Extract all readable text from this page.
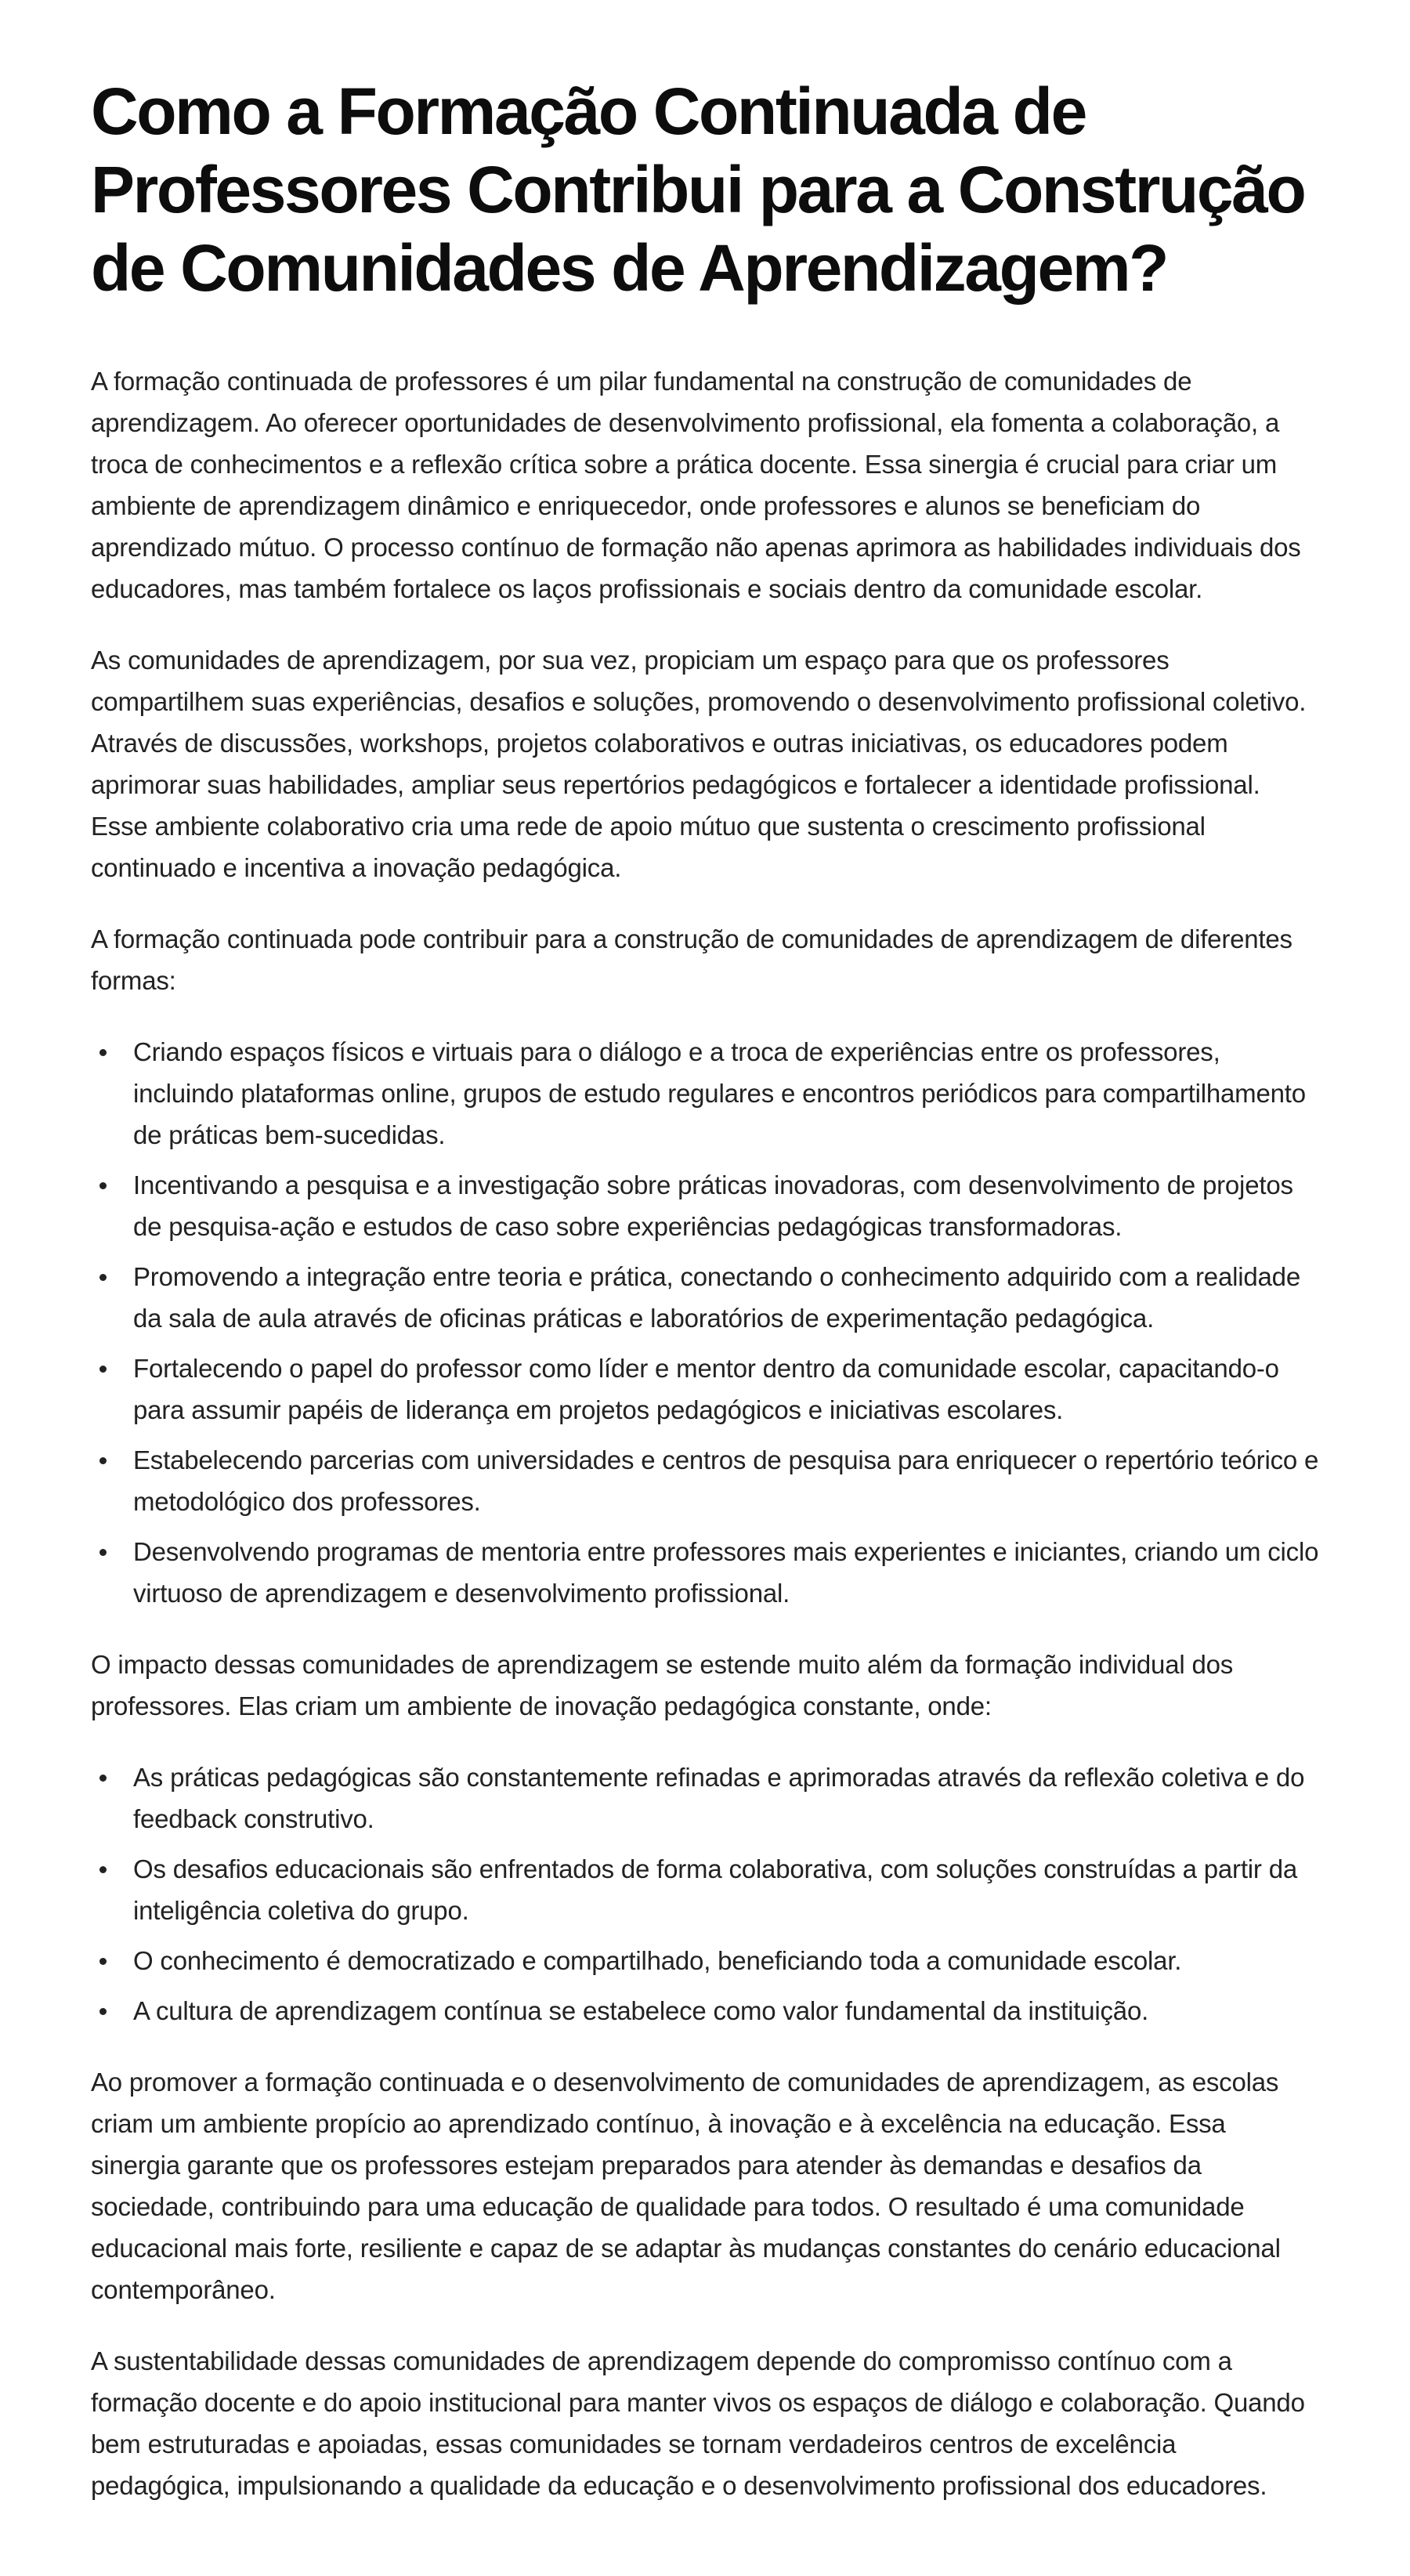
Como a Formação Continuada de Professores Contribui para a Construção de Comunidades de Aprendizagem?

A formação continuada de professores é um pilar fundamental na construção de comunidades de aprendizagem. Ao oferecer oportunidades de desenvolvimento profissional, ela fomenta a colaboração, a troca de conhecimentos e a reflexão crítica sobre a prática docente. Essa sinergia é crucial para criar um ambiente de aprendizagem dinâmico e enriquecedor, onde professores e alunos se beneficiam do aprendizado mútuo. O processo contínuo de formação não apenas aprimora as habilidades individuais dos educadores, mas também fortalece os laços profissionais e sociais dentro da comunidade escolar.

As comunidades de aprendizagem, por sua vez, propiciam um espaço para que os professores compartilhem suas experiências, desafios e soluções, promovendo o desenvolvimento profissional coletivo. Através de discussões, workshops, projetos colaborativos e outras iniciativas, os educadores podem aprimorar suas habilidades, ampliar seus repertórios pedagógicos e fortalecer a identidade profissional. Esse ambiente colaborativo cria uma rede de apoio mútuo que sustenta o crescimento profissional continuado e incentiva a inovação pedagógica.

A formação continuada pode contribuir para a construção de comunidades de aprendizagem de diferentes formas:

Criando espaços físicos e virtuais para o diálogo e a troca de experiências entre os professores, incluindo plataformas online, grupos de estudo regulares e encontros periódicos para compartilhamento de práticas bem-sucedidas.
Incentivando a pesquisa e a investigação sobre práticas inovadoras, com desenvolvimento de projetos de pesquisa-ação e estudos de caso sobre experiências pedagógicas transformadoras.
Promovendo a integração entre teoria e prática, conectando o conhecimento adquirido com a realidade da sala de aula através de oficinas práticas e laboratórios de experimentação pedagógica.
Fortalecendo o papel do professor como líder e mentor dentro da comunidade escolar, capacitando-o para assumir papéis de liderança em projetos pedagógicos e iniciativas escolares.
Estabelecendo parcerias com universidades e centros de pesquisa para enriquecer o repertório teórico e metodológico dos professores.
Desenvolvendo programas de mentoria entre professores mais experientes e iniciantes, criando um ciclo virtuoso de aprendizagem e desenvolvimento profissional.

O impacto dessas comunidades de aprendizagem se estende muito além da formação individual dos professores. Elas criam um ambiente de inovação pedagógica constante, onde:

As práticas pedagógicas são constantemente refinadas e aprimoradas através da reflexão coletiva e do feedback construtivo.
Os desafios educacionais são enfrentados de forma colaborativa, com soluções construídas a partir da inteligência coletiva do grupo.
O conhecimento é democratizado e compartilhado, beneficiando toda a comunidade escolar.
A cultura de aprendizagem contínua se estabelece como valor fundamental da instituição.

Ao promover a formação continuada e o desenvolvimento de comunidades de aprendizagem, as escolas criam um ambiente propício ao aprendizado contínuo, à inovação e à excelência na educação. Essa sinergia garante que os professores estejam preparados para atender às demandas e desafios da sociedade, contribuindo para uma educação de qualidade para todos. O resultado é uma comunidade educacional mais forte, resiliente e capaz de se adaptar às mudanças constantes do cenário educacional contemporâneo.

A sustentabilidade dessas comunidades de aprendizagem depende do compromisso contínuo com a formação docente e do apoio institucional para manter vivos os espaços de diálogo e colaboração. Quando bem estruturadas e apoiadas, essas comunidades se tornam verdadeiros centros de excelência pedagógica, impulsionando a qualidade da educação e o desenvolvimento profissional dos educadores.
